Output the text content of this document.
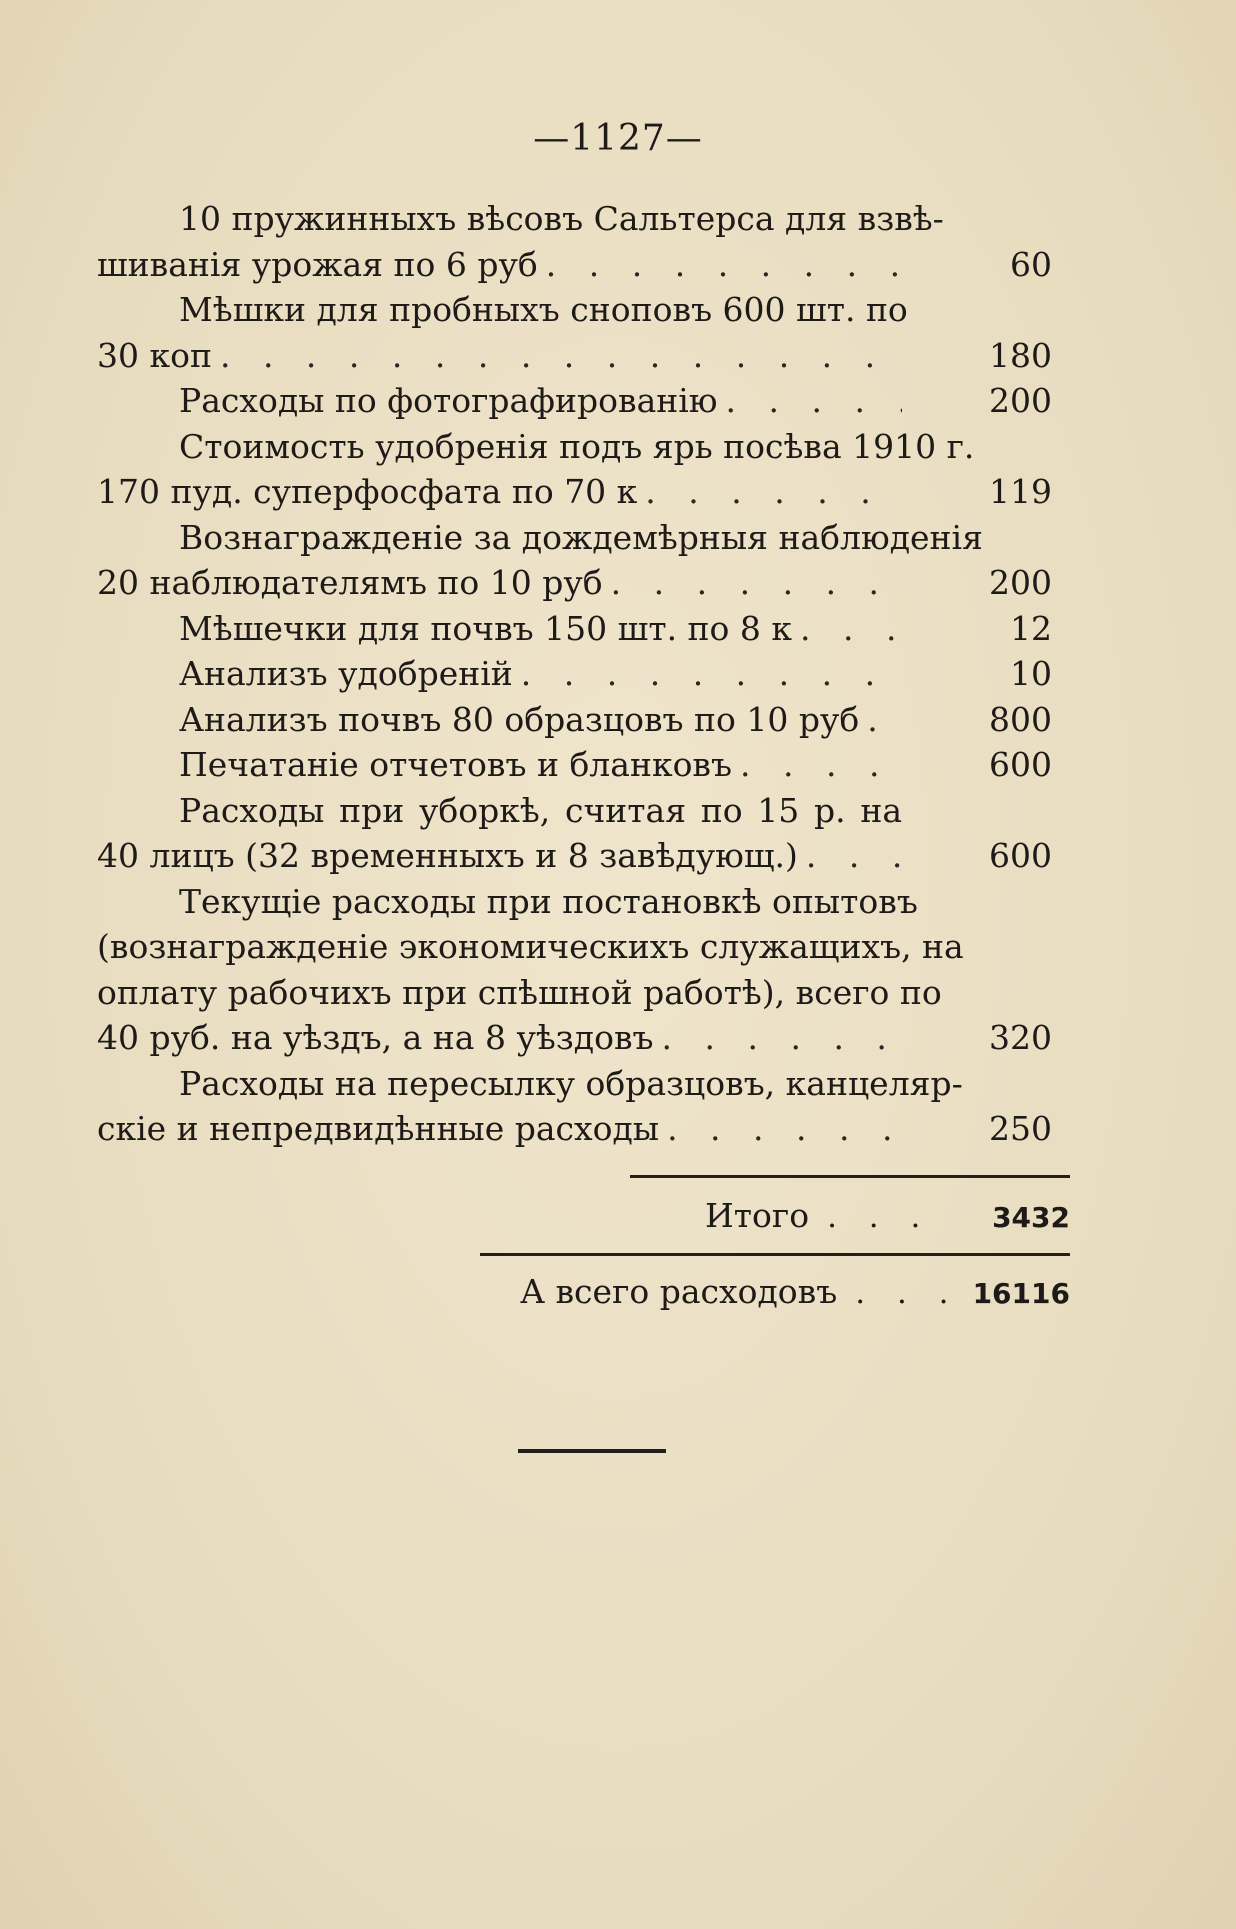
—1127—
10 пружинныхъ вѣсовъ Сальтерса для взвѣ-
шиванія урожая по 6 руб . . .	60
Мѣшки для пробныхъ сноповъ 600 шт. по
30 коп . . .	180
Расходы по фотографированію . . .	200
Стоимость удобренія подъ ярь посѣва 1910 г.
170 пуд. суперфосфата по 70 к . . .	119
Вознагражденіе за дождемѣрныя наблюденія
20 наблюдателямъ по 10 руб . . .	200
Мѣшечки для почвъ 150 шт. по 8 к . . .	12
Анализъ удобреній . . .	10
Анализъ почвъ 80 образцовъ по 10 руб . . .	800
Печатаніе отчетовъ и бланковъ . . .	600
Расходы при уборкѣ, считая по 15 р. на
40 лицъ (32 временныхъ и 8 завѣдующ.) . . .	600
Текущіе расходы при постановкѣ опытовъ
(вознагражденіе экономическихъ служащихъ, на
оплату рабочихъ при спѣшной работѣ), всего по
40 руб. на уѣздъ, а на 8 уѣздовъ . . .	320
Расходы на пересылку образцовъ, канцеляр-
скіе и непредвидѣнные расходы . . .	250
Итого . . . 3432
А всего расходовъ . . . 16116
